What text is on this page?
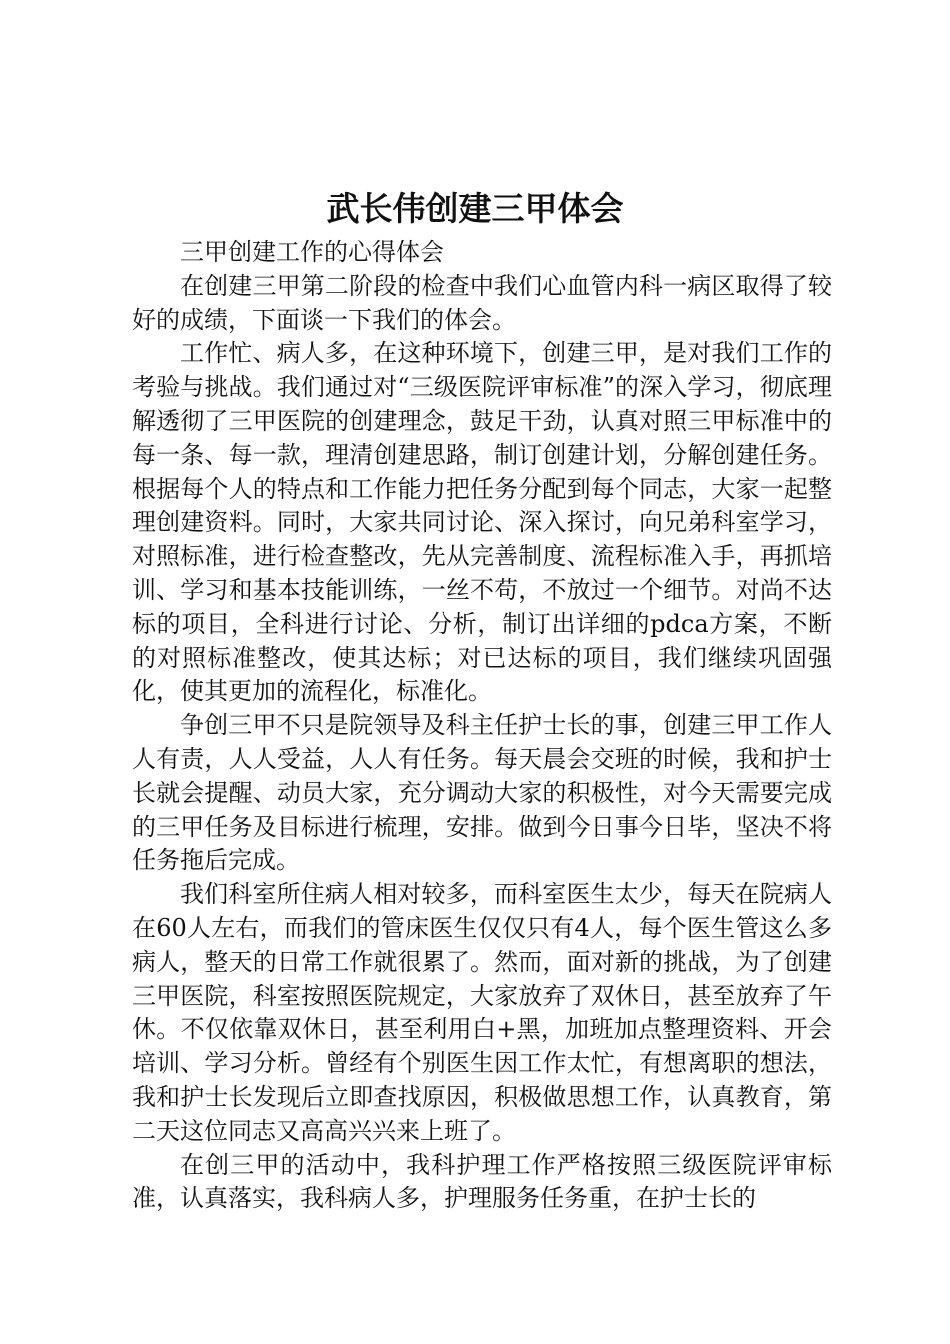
武长伟创建三甲体会

三甲创建工作的心得体会

在创建三甲第二阶段的检查中我们心血管内科一病区取得了较好的成绩，下面谈一下我们的体会。

工作忙、病人多，在这种环境下，创建三甲，是对我们工作的考验与挑战。我们通过对“三级医院评审标准”的深入学习，彻底理解透彻了三甲医院的创建理念，鼓足干劲，认真对照三甲标准中的每一条、每一款，理清创建思路，制订创建计划，分解创建任务。根据每个人的特点和工作能力把任务分配到每个同志，大家一起整理创建资料。同时，大家共同讨论、深入探讨，向兄弟科室学习，对照标准，进行检查整改，先从完善制度、流程标准入手，再抓培训、学习和基本技能训练，一丝不苟，不放过一个细节。对尚不达标的项目，全科进行讨论、分析，制订出详细的pdca方案，不断的对照标准整改，使其达标；对已达标的项目，我们继续巩固强化，使其更加的流程化，标准化。

争创三甲不只是院领导及科主任护士长的事，创建三甲工作人人有责，人人受益，人人有任务。每天晨会交班的时候，我和护士长就会提醒、动员大家，充分调动大家的积极性，对今天需要完成的三甲任务及目标进行梳理，安排。做到今日事今日毕，坚决不将任务拖后完成。

我们科室所住病人相对较多，而科室医生太少，每天在院病人在60人左右，而我们的管床医生仅仅只有4人，每个医生管这么多病人，整天的日常工作就很累了。然而，面对新的挑战，为了创建三甲医院，科室按照医院规定，大家放弃了双休日，甚至放弃了午休。不仅依靠双休日，甚至利用白+黑，加班加点整理资料、开会培训、学习分析。曾经有个别医生因工作太忙，有想离职的想法，我和护士长发现后立即查找原因，积极做思想工作，认真教育，第二天这位同志又高高兴兴来上班了。

在创三甲的活动中，我科护理工作严格按照三级医院评审标准，认真落实，我科病人多，护理服务任务重，在护士长的
